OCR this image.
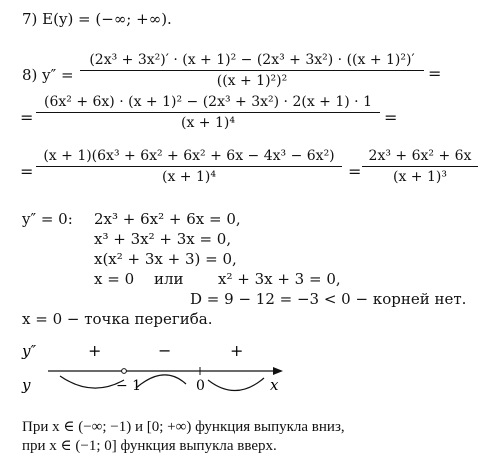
7) E(y) = (−∞; +∞).
8) y″ =
(2x³ + 3x²)′ · (x + 1)² − (2x³ + 3x²) · ((x + 1)²)′
((x + 1)²)²	=
=
(6x² + 6x) · (x + 1)² − (2x³ + 3x²) · 2(x + 1) · 1
(x + 1)⁴	=
=
(x + 1)(6x³ + 6x² + 6x² + 6x − 4x³ − 6x²)
(x + 1)⁴	=
2x³ + 6x² + 6x
(x + 1)³
y″ = 0: 2x³ + 6x² + 6x = 0,
x³ + 3x² + 3x = 0,
x(x² + 3x + 3) = 0,
x = 0 или x² + 3x + 3 = 0,
D = 9 − 12 = −3 < 0 − корней нет.
x = 0 − точка перегиба.
y″	+	−	+
y	− 1	0	x
При x ∈ (−∞; −1) и [0; +∞) функция выпукла вниз,
при x ∈ (−1; 0] функция выпукла вверх.
